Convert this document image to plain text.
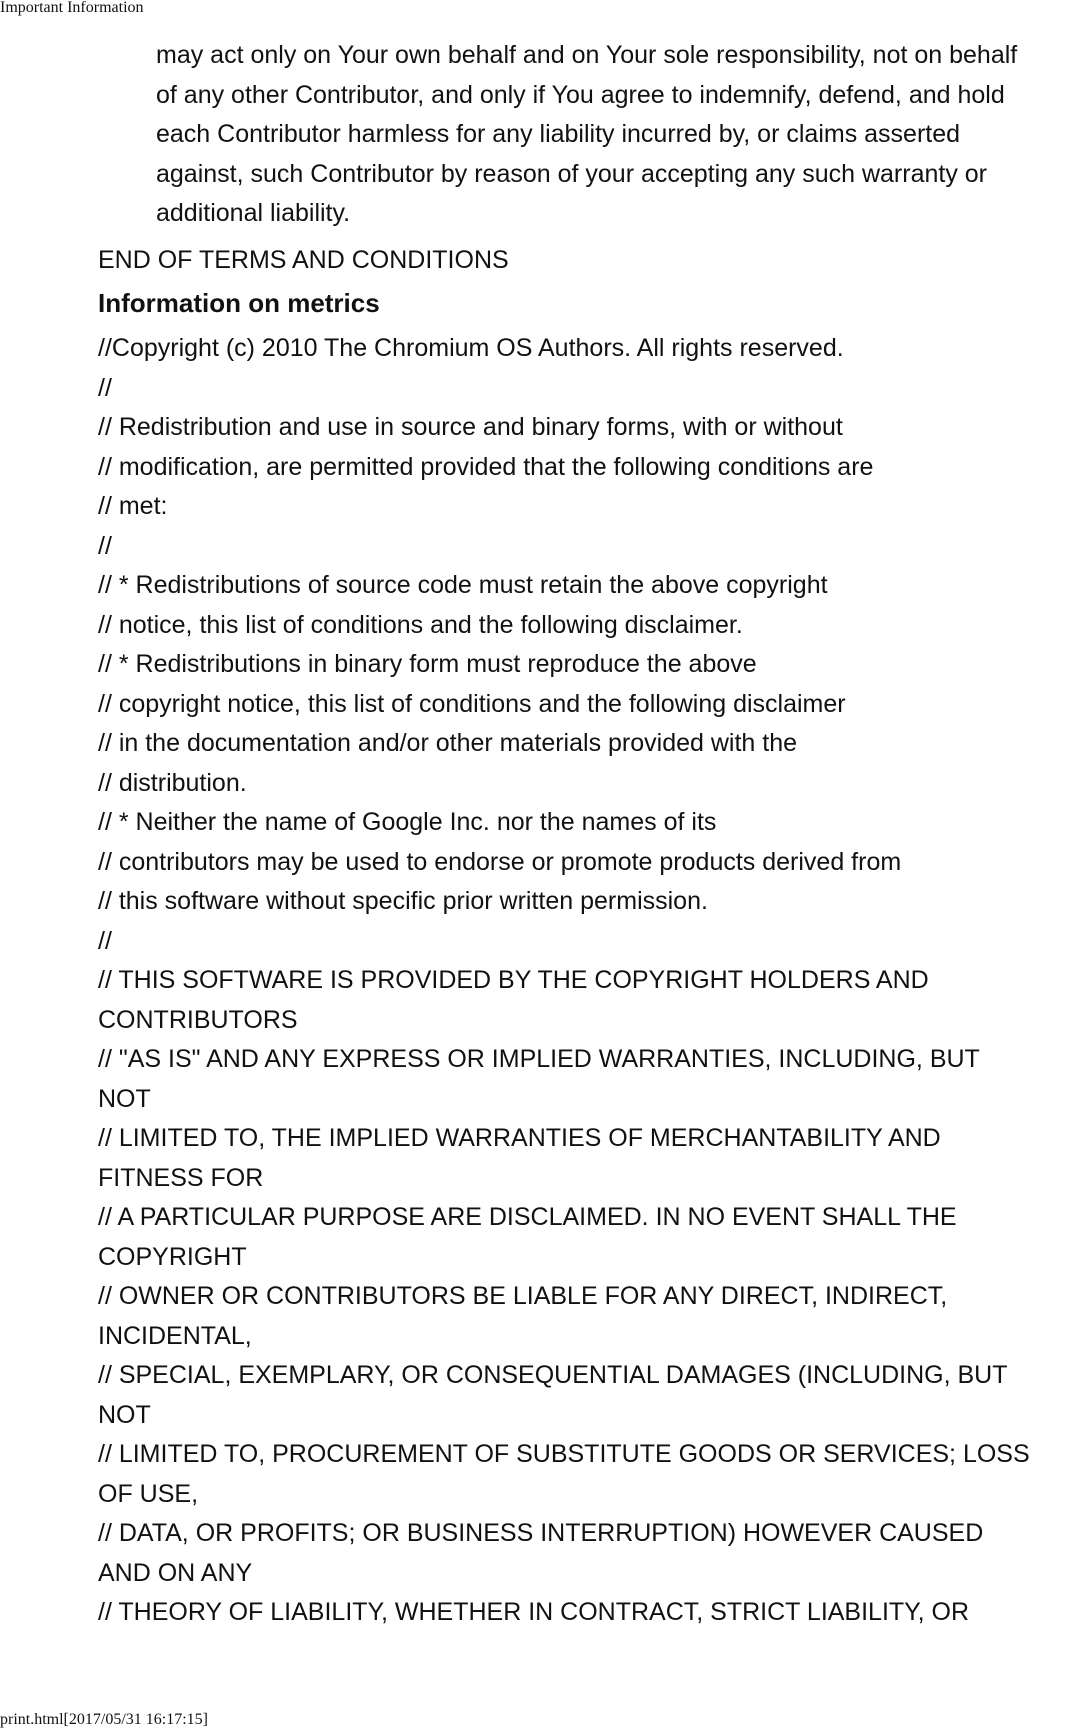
Important Information

may act only on Your own behalf and on Your sole responsibility, not on behalf
of any other Contributor, and only if You agree to indemnify, defend, and hold
each Contributor harmless for any liability incurred by, or claims asserted
against, such Contributor by reason of your accepting any such warranty or
additional liability.

END OF TERMS AND CONDITIONS
Information on metrics
//Copyright (c) 2010 The Chromium OS Authors. All rights reserved.
//
// Redistribution and use in source and binary forms, with or without
// modification, are permitted provided that the following conditions are
// met:
//
// * Redistributions of source code must retain the above copyright
// notice, this list of conditions and the following disclaimer.
// * Redistributions in binary form must reproduce the above
// copyright notice, this list of conditions and the following disclaimer
// in the documentation and/or other materials provided with the
// distribution.
// * Neither the name of Google Inc. nor the names of its
// contributors may be used to endorse or promote products derived from
// this software without specific prior written permission.
//
// THIS SOFTWARE IS PROVIDED BY THE COPYRIGHT HOLDERS AND
CONTRIBUTORS
// "AS IS" AND ANY EXPRESS OR IMPLIED WARRANTIES, INCLUDING, BUT
NOT
// LIMITED TO, THE IMPLIED WARRANTIES OF MERCHANTABILITY AND
FITNESS FOR
// A PARTICULAR PURPOSE ARE DISCLAIMED. IN NO EVENT SHALL THE
COPYRIGHT
// OWNER OR CONTRIBUTORS BE LIABLE FOR ANY DIRECT, INDIRECT,
INCIDENTAL,
// SPECIAL, EXEMPLARY, OR CONSEQUENTIAL DAMAGES (INCLUDING, BUT
NOT
// LIMITED TO, PROCUREMENT OF SUBSTITUTE GOODS OR SERVICES; LOSS
OF USE,
// DATA, OR PROFITS; OR BUSINESS INTERRUPTION) HOWEVER CAUSED
AND ON ANY
// THEORY OF LIABILITY, WHETHER IN CONTRACT, STRICT LIABILITY, OR
print.html[2017/05/31 16:17:15]
